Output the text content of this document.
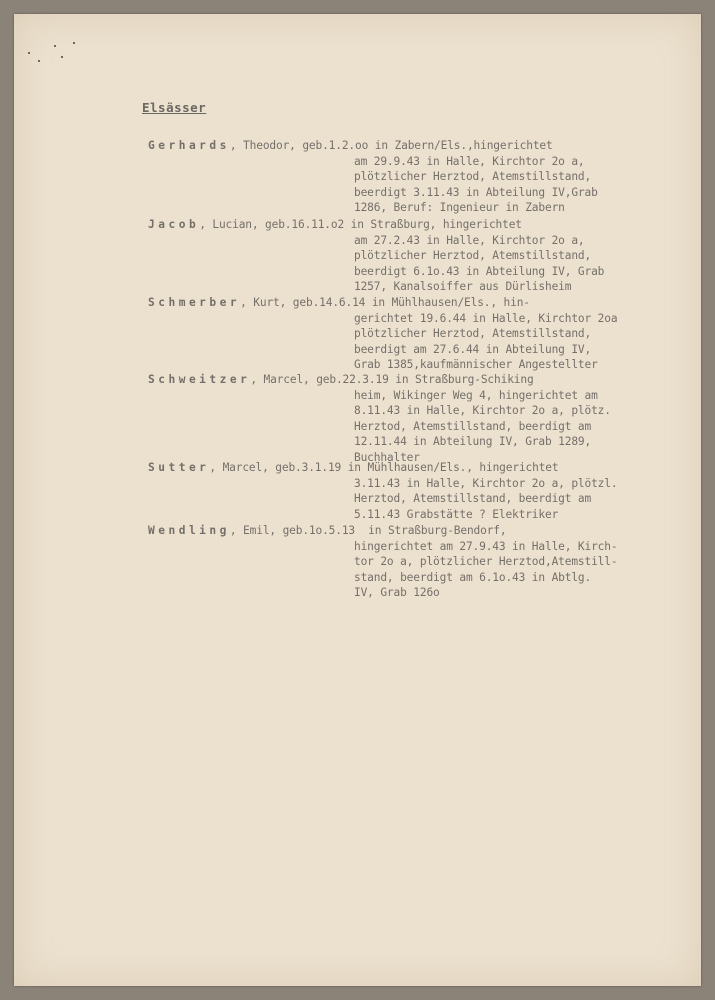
Elsässer
Gerhards, Theodor, geb.1.2.oo in Zabern/Els.,hingerichtet
am 29.9.43 in Halle, Kirchtor 2o a,
plötzlicher Herztod, Atemstillstand,
beerdigt 3.11.43 in Abteilung IV,Grab
1286, Beruf: Ingenieur in Zabern
Jacob, Lucian, geb.16.11.o2 in Straßburg, hingerichtet
am 27.2.43 in Halle, Kirchtor 2o a,
plötzlicher Herztod, Atemstillstand,
beerdigt 6.1o.43 in Abteilung IV, Grab
1257, Kanalsoiffer aus Dürlisheim
Schmerber, Kurt, geb.14.6.14 in Mühlhausen/Els., hin-
gerichtet 19.6.44 in Halle, Kirchtor 2oa
plötzlicher Herztod, Atemstillstand,
beerdigt am 27.6.44 in Abteilung IV,
Grab 1385,kaufmännischer Angestellter
Schweitzer, Marcel, geb.22.3.19 in Straßburg-Schiking
heim, Wikinger Weg 4, hingerichtet am
8.11.43 in Halle, Kirchtor 2o a, plötz.
Herztod, Atemstillstand, beerdigt am
12.11.44 in Abteilung IV, Grab 1289,
Buchhalter
Sutter, Marcel, geb.3.1.19 in Mühlhausen/Els., hingerichtet
3.11.43 in Halle, Kirchtor 2o a, plötzl.
Herztod, Atemstillstand, beerdigt am
5.11.43 Grabstätte ? Elektriker
Wendling, Emil, geb.1o.5.13  in Straßburg-Bendorf,
hingerichtet am 27.9.43 in Halle, Kirch-
tor 2o a, plötzlicher Herztod,Atemstill-
stand, beerdigt am 6.1o.43 in Abtlg.
IV, Grab 126o
